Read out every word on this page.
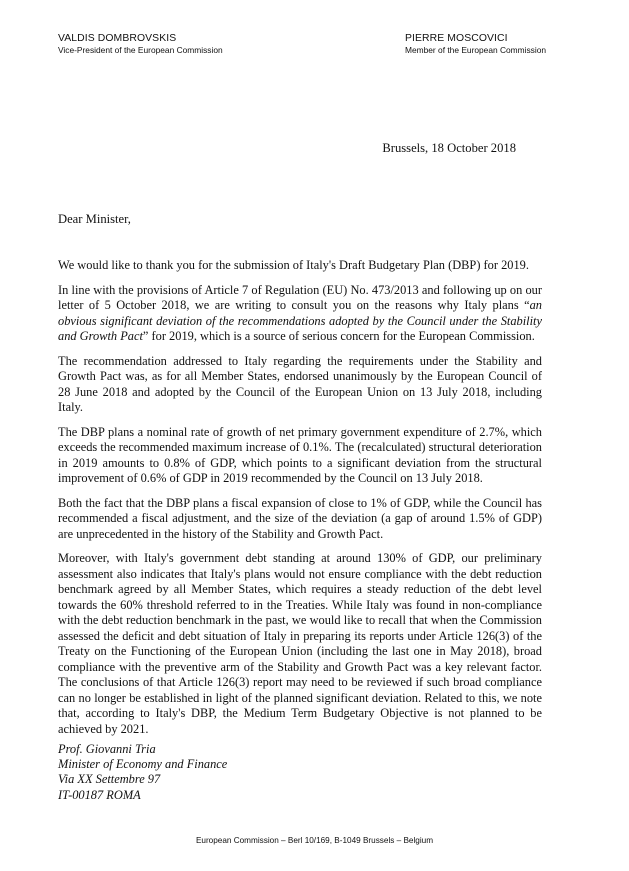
VALDIS DOMBROVSKIS
Vice-President of the European Commission
PIERRE MOSCOVICI
Member of the European Commission
Brussels, 18 October 2018
Dear Minister,

We would like to thank you for the submission of Italy's Draft Budgetary Plan (DBP) for 2019.

In line with the provisions of Article 7 of Regulation (EU) No. 473/2013 and following up on our letter of 5 October 2018, we are writing to consult you on the reasons why Italy plans “an obvious significant deviation of the recommendations adopted by the Council under the Stability and Growth Pact” for 2019, which is a source of serious concern for the European Commission.

The recommendation addressed to Italy regarding the requirements under the Stability and Growth Pact was, as for all Member States, endorsed unanimously by the European Council of 28 June 2018 and adopted by the Council of the European Union on 13 July 2018, including Italy.

The DBP plans a nominal rate of growth of net primary government expenditure of 2.7%, which exceeds the recommended maximum increase of 0.1%. The (recalculated) structural deterioration in 2019 amounts to 0.8% of GDP, which points to a significant deviation from the structural improvement of 0.6% of GDP in 2019 recommended by the Council on 13 July 2018.

Both the fact that the DBP plans a fiscal expansion of close to 1% of GDP, while the Council has recommended a fiscal adjustment, and the size of the deviation (a gap of around 1.5% of GDP) are unprecedented in the history of the Stability and Growth Pact.

Moreover, with Italy's government debt standing at around 130% of GDP, our preliminary assessment also indicates that Italy's plans would not ensure compliance with the debt reduction benchmark agreed by all Member States, which requires a steady reduction of the debt level towards the 60% threshold referred to in the Treaties. While Italy was found in non-compliance with the debt reduction benchmark in the past, we would like to recall that when the Commission assessed the deficit and debt situation of Italy in preparing its reports under Article 126(3) of the Treaty on the Functioning of the European Union (including the last one in May 2018), broad compliance with the preventive arm of the Stability and Growth Pact was a key relevant factor. The conclusions of that Article 126(3) report may need to be reviewed if such broad compliance can no longer be established in light of the planned significant deviation. Related to this, we note that, according to Italy's DBP, the Medium Term Budgetary Objective is not planned to be achieved by 2021.

Prof. Giovanni Tria
Minister of Economy and Finance
Via XX Settembre 97
IT-00187 ROMA
European Commission – Berl 10/169, B-1049 Brussels – Belgium
